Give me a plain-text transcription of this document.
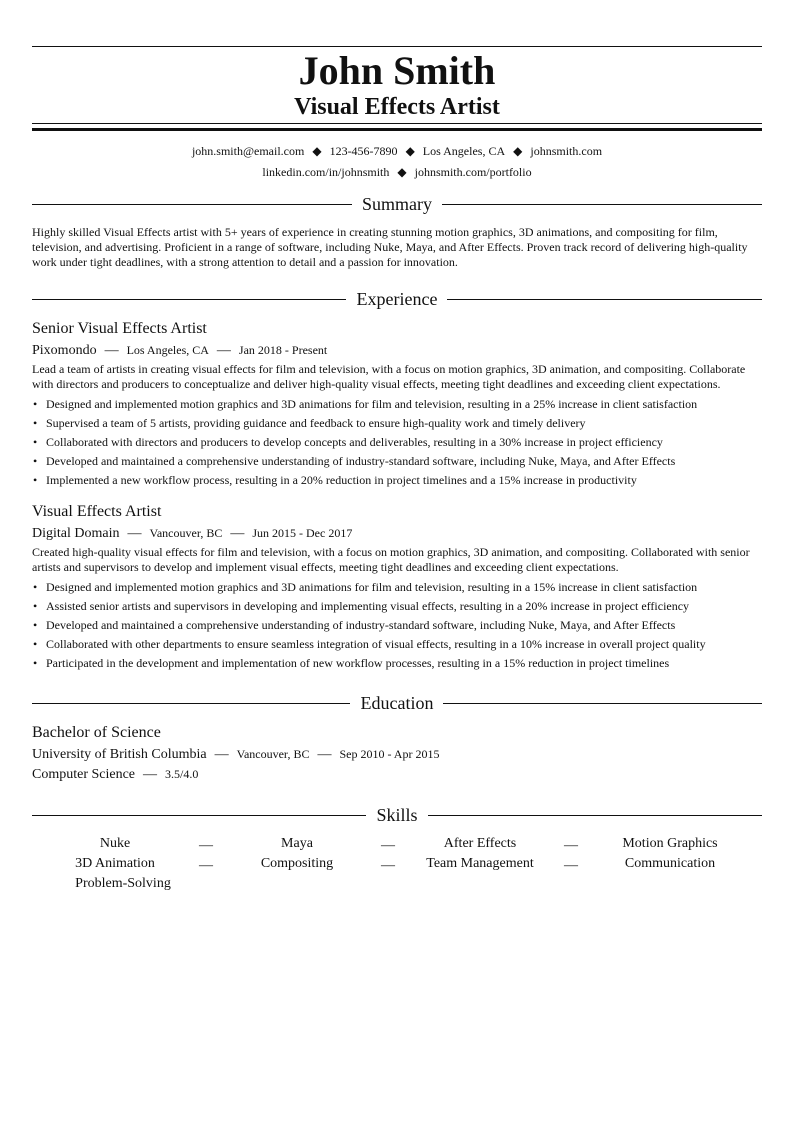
John Smith
Visual Effects Artist
john.smith@email.com ◆ 123-456-7890 ◆ Los Angeles, CA ◆ johnsmith.com
linkedin.com/in/johnsmith ◆ johnsmith.com/portfolio
Summary
Highly skilled Visual Effects artist with 5+ years of experience in creating stunning motion graphics, 3D animations, and compositing for film, television, and advertising. Proficient in a range of software, including Nuke, Maya, and After Effects. Proven track record of delivering high-quality work under tight deadlines, with a strong attention to detail and a passion for innovation.
Experience
Senior Visual Effects Artist
Pixomondo — Los Angeles, CA — Jan 2018 - Present
Lead a team of artists in creating visual effects for film and television, with a focus on motion graphics, 3D animation, and compositing. Collaborate with directors and producers to conceptualize and deliver high-quality visual effects, meeting tight deadlines and exceeding client expectations.
• Designed and implemented motion graphics and 3D animations for film and television, resulting in a 25% increase in client satisfaction
• Supervised a team of 5 artists, providing guidance and feedback to ensure high-quality work and timely delivery
• Collaborated with directors and producers to develop concepts and deliverables, resulting in a 30% increase in project efficiency
• Developed and maintained a comprehensive understanding of industry-standard software, including Nuke, Maya, and After Effects
• Implemented a new workflow process, resulting in a 20% reduction in project timelines and a 15% increase in productivity
Visual Effects Artist
Digital Domain — Vancouver, BC — Jun 2015 - Dec 2017
Created high-quality visual effects for film and television, with a focus on motion graphics, 3D animation, and compositing. Collaborated with senior artists and supervisors to develop and implement visual effects, meeting tight deadlines and exceeding client expectations.
• Designed and implemented motion graphics and 3D animations for film and television, resulting in a 15% increase in client satisfaction
• Assisted senior artists and supervisors in developing and implementing visual effects, resulting in a 20% increase in project efficiency
• Developed and maintained a comprehensive understanding of industry-standard software, including Nuke, Maya, and After Effects
• Collaborated with other departments to ensure seamless integration of visual effects, resulting in a 10% increase in overall project quality
• Participated in the development and implementation of new workflow processes, resulting in a 15% reduction in project timelines
Education
Bachelor of Science
University of British Columbia — Vancouver, BC — Sep 2010 - Apr 2015
Computer Science — 3.5/4.0
Skills
Nuke	—	Maya	—	After Effects	—	Motion Graphics
3D Animation	—	Compositing	—	Team Management	—	Communication
Problem-Solving
